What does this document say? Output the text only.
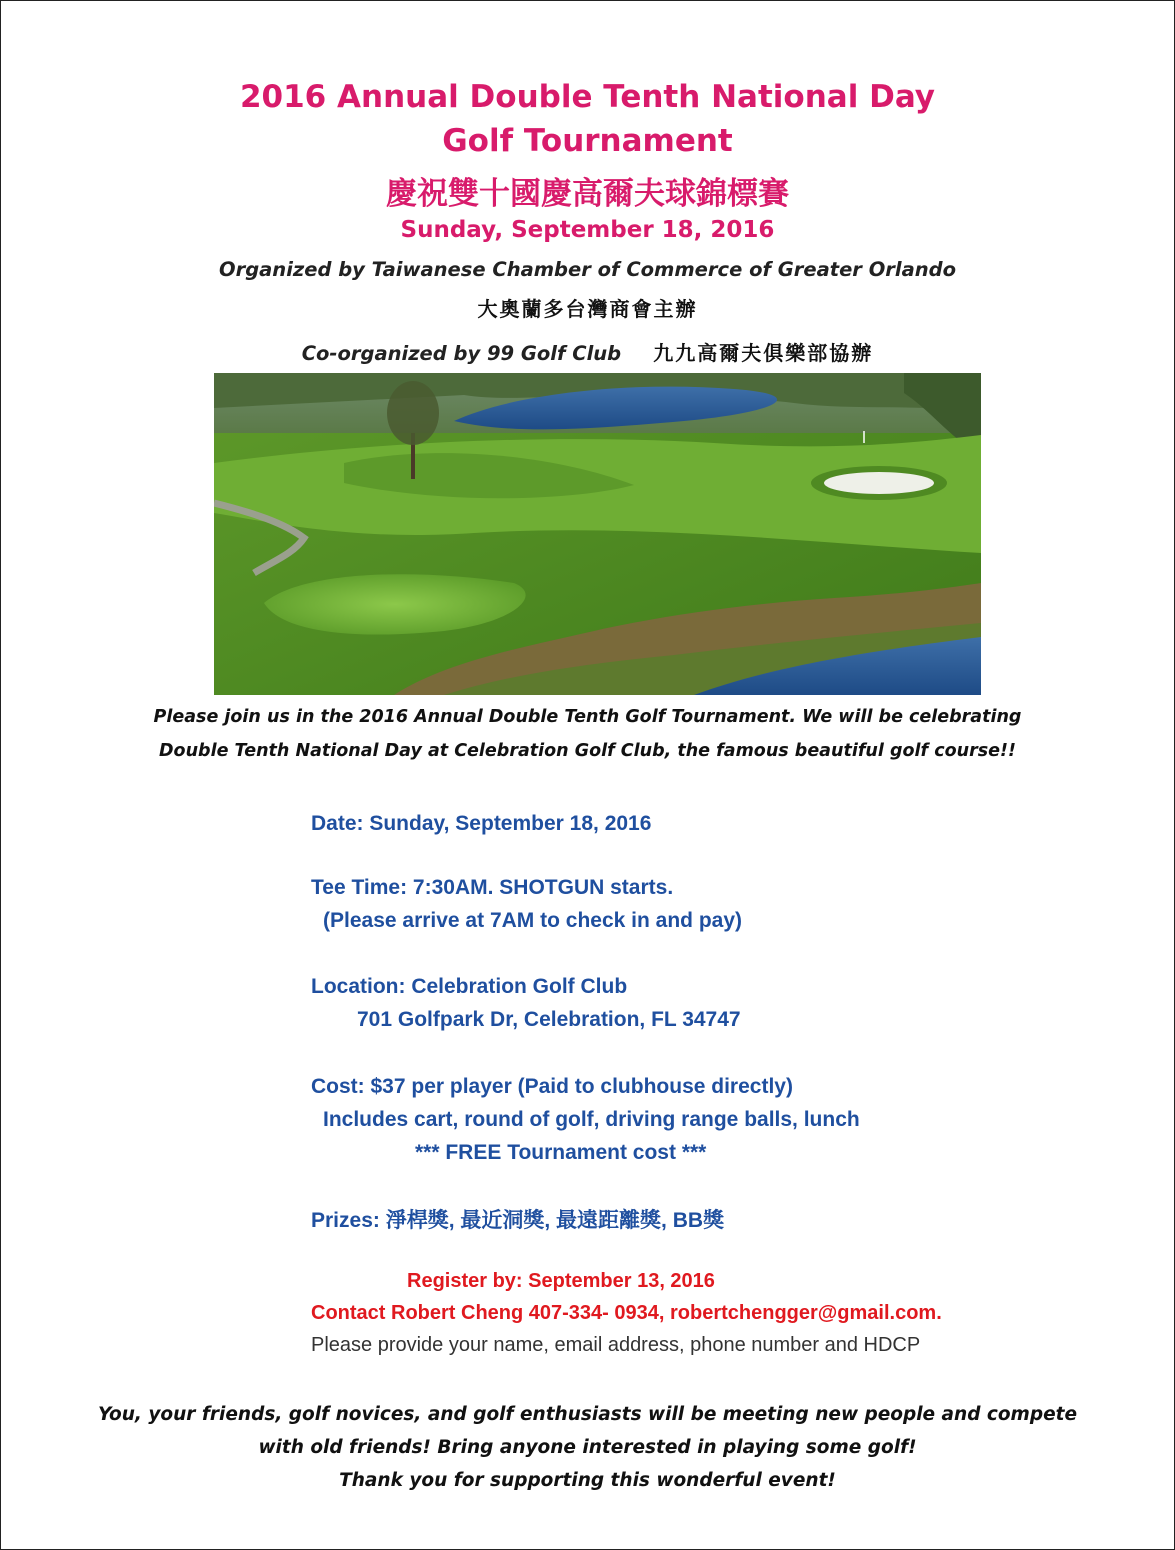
2016 Annual Double Tenth National Day
Golf Tournament
慶祝雙十國慶高爾夫球錦標賽
Sunday, September 18, 2016
Organized by Taiwanese Chamber of Commerce of Greater Orlando
大奧蘭多台灣商會主辦
Co-organized by 99 Golf Club 九九高爾夫俱樂部協辦
Please join us in the 2016 Annual Double Tenth Golf Tournament. We will be celebrating
Double Tenth National Day at Celebration Golf Club, the famous beautiful golf course!!
Date: Sunday, September 18, 2016
Tee Time: 7:30AM. SHOTGUN starts.
(Please arrive at 7AM to check in and pay)
Location: Celebration Golf Club
701 Golfpark Dr, Celebration, FL 34747
Cost: $37 per player (Paid to clubhouse directly)
Includes cart, round of golf, driving range balls, lunch
*** FREE Tournament cost ***
Prizes: 淨桿獎, 最近洞獎, 最遠距離獎, BB獎
Register by: September 13, 2016
Contact Robert Cheng 407-334- 0934, robertchengger@gmail.com.
Please provide your name, email address, phone number and HDCP
You, your friends, golf novices, and golf enthusiasts will be meeting new people and compete
with old friends! Bring anyone interested in playing some golf!
Thank you for supporting this wonderful event!
